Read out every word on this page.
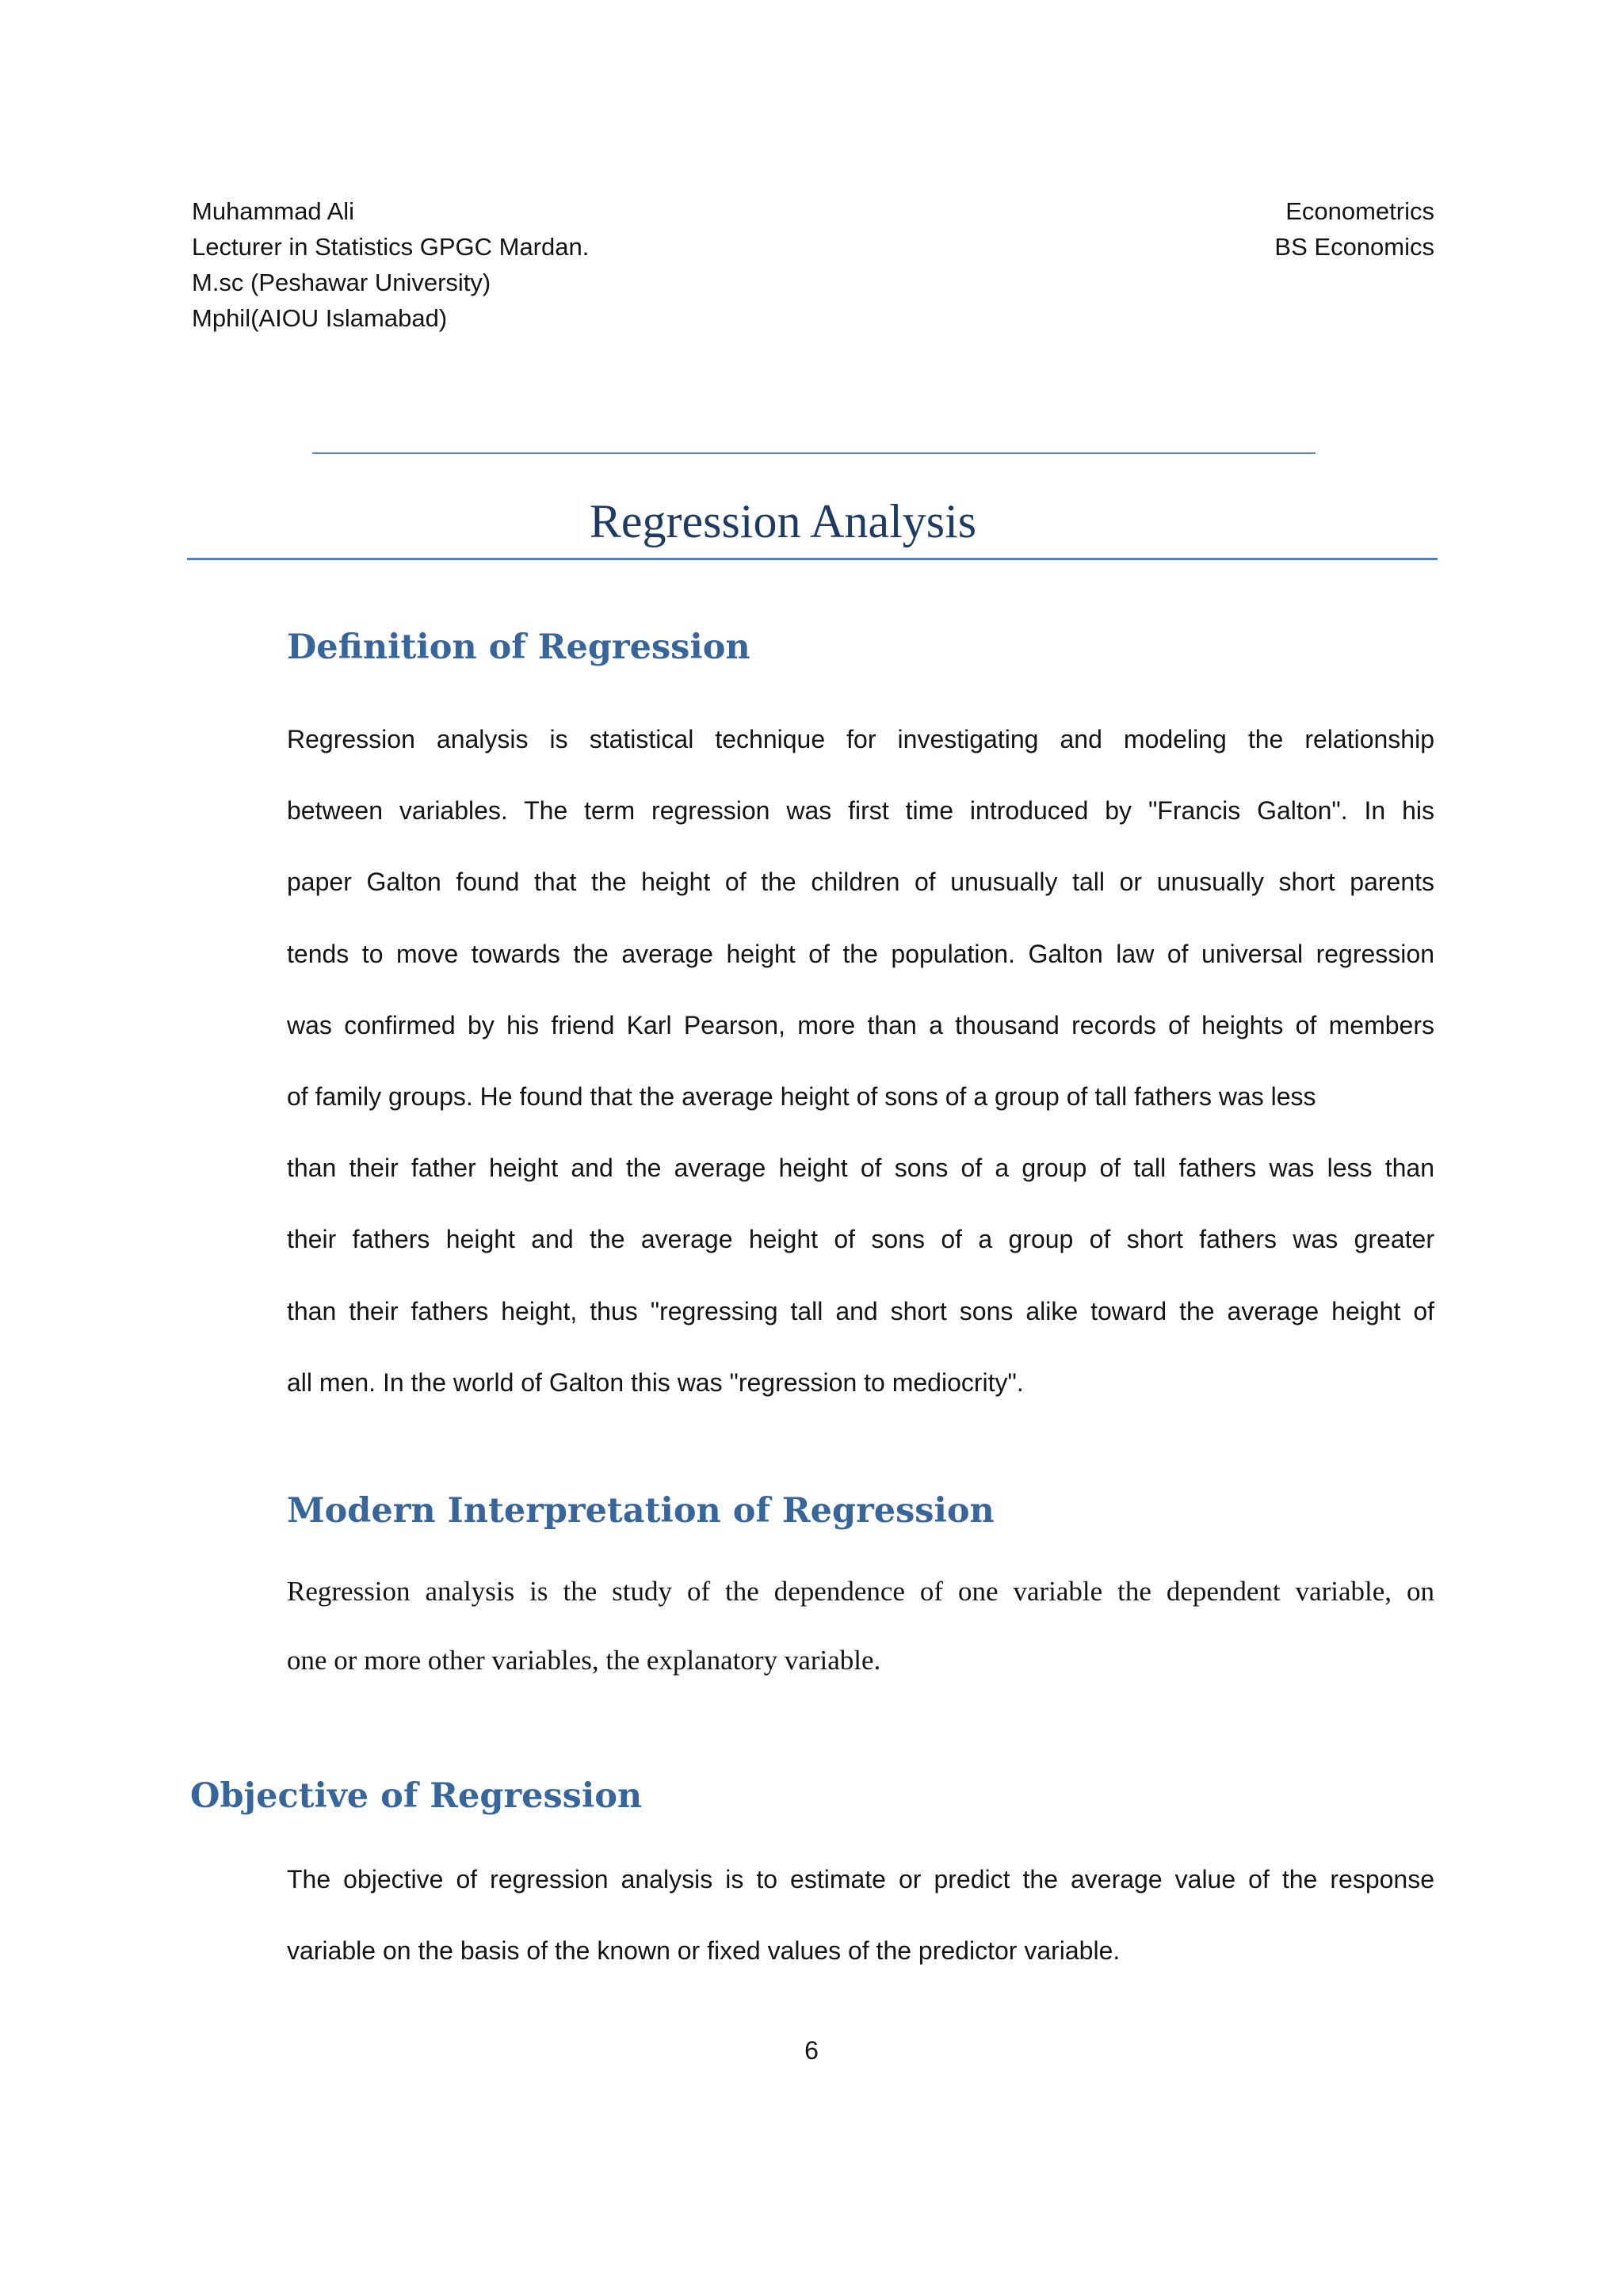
Muhammad Ali
Lecturer in Statistics GPGC Mardan.
M.sc (Peshawar University)
Mphil(AIOU Islamabad)
Econometrics
BS Economics
Regression Analysis
Definition of Regression
Regression analysis is statistical technique for investigating and modeling the relationship
between variables. The term regression was first time introduced by "Francis Galton". In his
paper Galton found that the height of the children of unusually tall or unusually short parents
tends to move towards the average height of the population. Galton law of universal regression
was confirmed by his friend Karl Pearson, more than a thousand records of heights of members
of family groups. He found that the average height of sons of a group of tall fathers was less
than their father height and the average height of sons of a group of tall fathers was less than
their fathers height and the average height of sons of a group of short fathers was greater
than their fathers height, thus "regressing tall and short sons alike toward the average height of
all men. In the world of Galton this was "regression to mediocrity".
Modern Interpretation of Regression
Regression analysis is the study of the dependence of one variable the dependent variable, on
one or more other variables, the explanatory variable.
Objective of Regression
The objective of regression analysis is to estimate or predict the average value of the response
variable on the basis of the known or fixed values of the predictor variable.
6
